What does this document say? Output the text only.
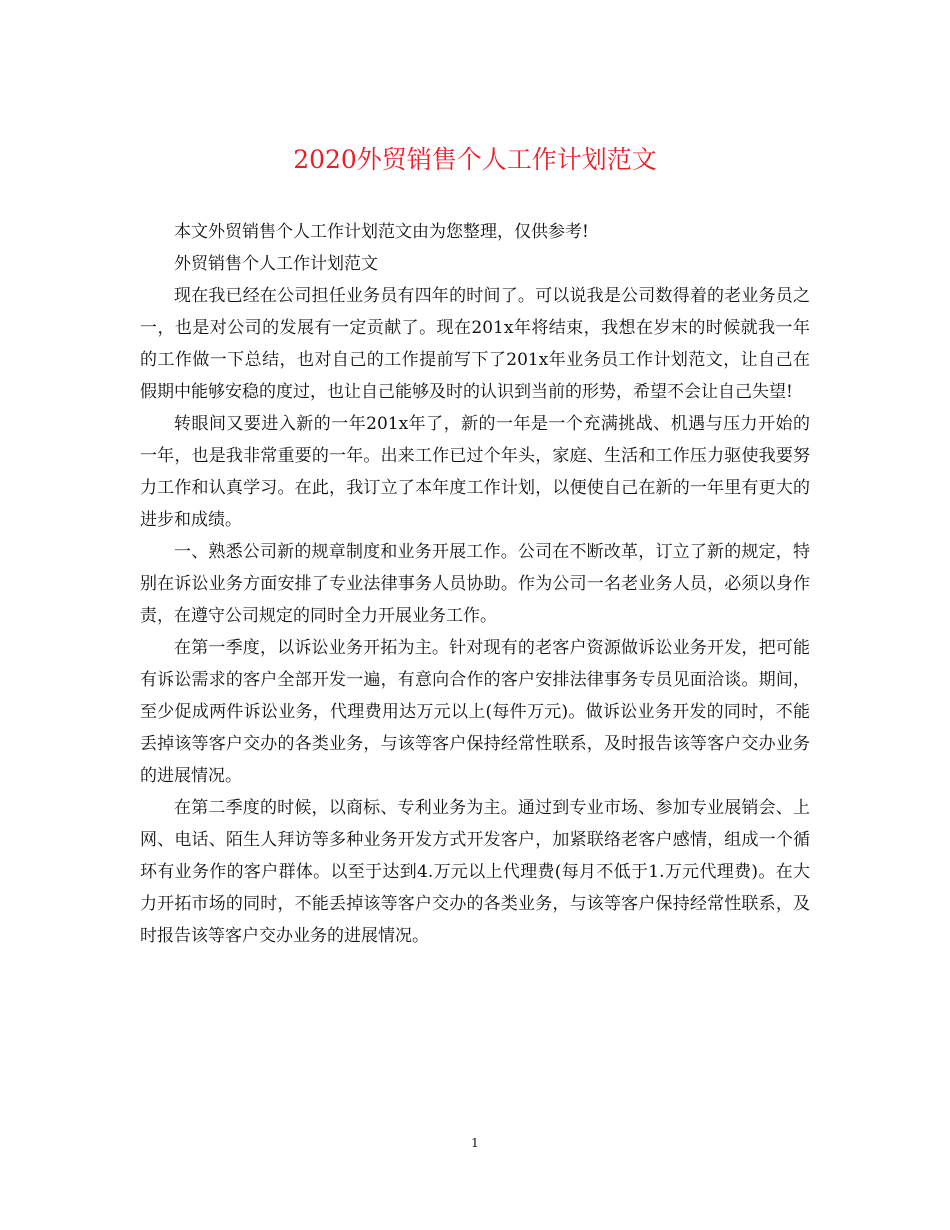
2020外贸销售个人工作计划范文

本文外贸销售个人工作计划范文由为您整理，仅供参考!

外贸销售个人工作计划范文

现在我已经在公司担任业务员有四年的时间了。可以说我是公司数得着的老业务员之一，也是对公司的发展有一定贡献了。现在201x年将结束，我想在岁末的时候就我一年的工作做一下总结，也对自己的工作提前写下了201x年业务员工作计划范文，让自己在假期中能够安稳的度过，也让自己能够及时的认识到当前的形势，希望不会让自己失望!

转眼间又要进入新的一年201x年了，新的一年是一个充满挑战、机遇与压力开始的一年，也是我非常重要的一年。出来工作已过个年头，家庭、生活和工作压力驱使我要努力工作和认真学习。在此，我订立了本年度工作计划，以便使自己在新的一年里有更大的进步和成绩。

一、熟悉公司新的规章制度和业务开展工作。公司在不断改革，订立了新的规定，特别在诉讼业务方面安排了专业法律事务人员协助。作为公司一名老业务人员，必须以身作责，在遵守公司规定的同时全力开展业务工作。

在第一季度，以诉讼业务开拓为主。针对现有的老客户资源做诉讼业务开发，把可能有诉讼需求的客户全部开发一遍，有意向合作的客户安排法律事务专员见面洽谈。期间，至少促成两件诉讼业务，代理费用达万元以上(每件万元)。做诉讼业务开发的同时，不能丢掉该等客户交办的各类业务，与该等客户保持经常性联系，及时报告该等客户交办业务的进展情况。

在第二季度的时候，以商标、专利业务为主。通过到专业市场、参加专业展销会、上网、电话、陌生人拜访等多种业务开发方式开发客户，加紧联络老客户感情，组成一个循环有业务作的客户群体。以至于达到4.万元以上代理费(每月不低于1.万元代理费)。在大力开拓市场的同时，不能丢掉该等客户交办的各类业务，与该等客户保持经常性联系，及时报告该等客户交办业务的进展情况。

1
